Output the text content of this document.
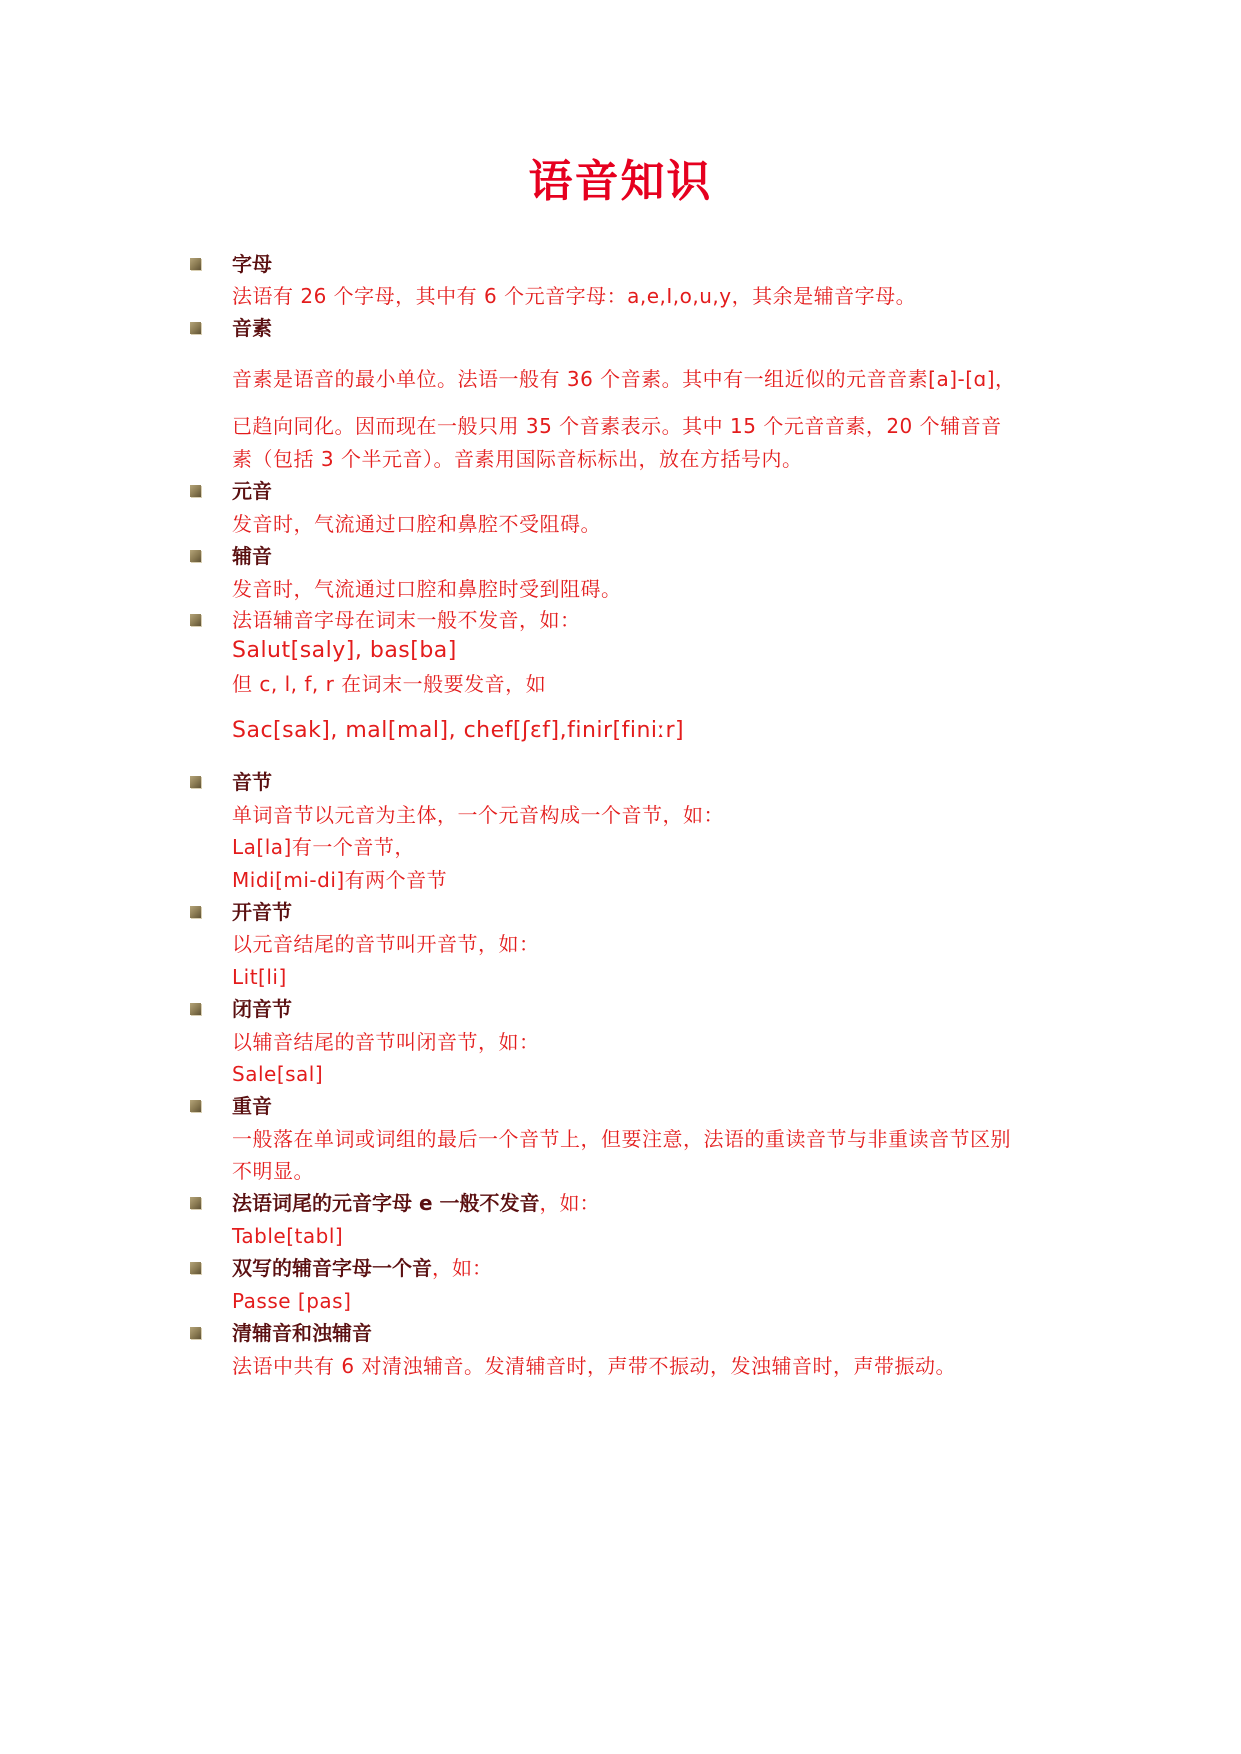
语音知识
字母
法语有 26 个字母，其中有 6 个元音字母：a,e,I,o,u,y，其余是辅音字母。
音素
音素是语音的最小单位。法语一般有 36 个音素。其中有一组近似的元音音素[a]-[ɑ]，
已趋向同化。因而现在一般只用 35 个音素表示。其中 15 个元音音素，20 个辅音音
素（包括 3 个半元音）。音素用国际音标标出，放在方括号内。
元音
发音时，气流通过口腔和鼻腔不受阻碍。
辅音
发音时，气流通过口腔和鼻腔时受到阻碍。
法语辅音字母在词末一般不发音，如：
Salut[saly], bas[ba]
但 c, l, f, r 在词末一般要发音，如
Sac[sak], mal[mal], chef[ʃɛf],finir[finiːr]
音节
单词音节以元音为主体，一个元音构成一个音节，如：
La[la]有一个音节，
Midi[mi-di]有两个音节
开音节
以元音结尾的音节叫开音节，如：
Lit[li]
闭音节
以辅音结尾的音节叫闭音节，如：
Sale[sal]
重音
一般落在单词或词组的最后一个音节上，但要注意，法语的重读音节与非重读音节区别
不明显。
法语词尾的元音字母 e 一般不发音，如：
Table[tabl]
双写的辅音字母一个音，如：
Passe [pas]
清辅音和浊辅音
法语中共有 6 对清浊辅音。发清辅音时，声带不振动，发浊辅音时，声带振动。
